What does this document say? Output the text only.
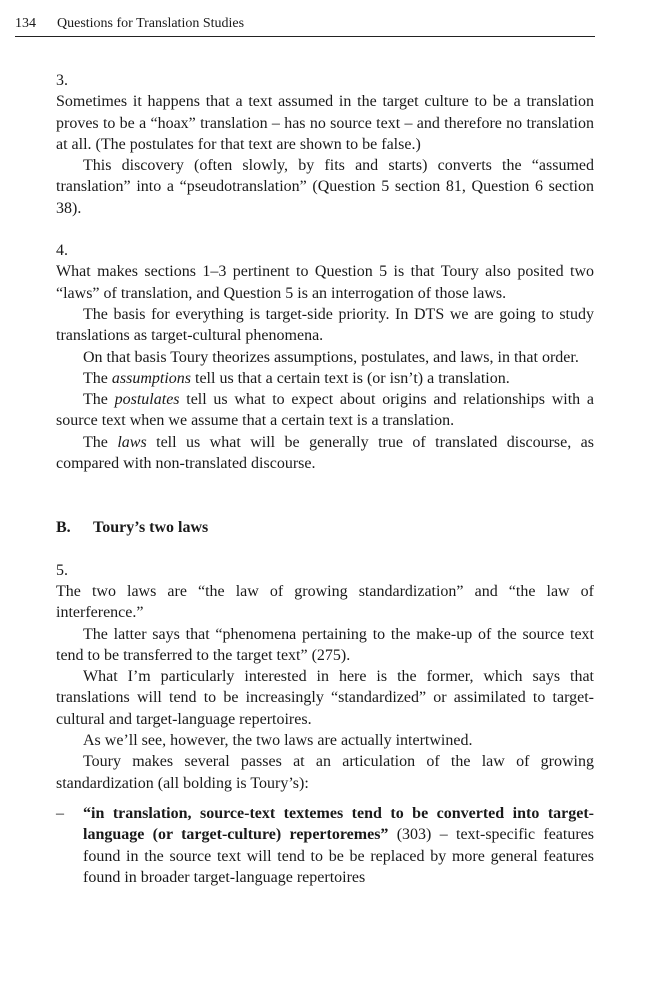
134 Questions for Translation Studies

3.

Sometimes it happens that a text assumed in the target culture to be a translation proves to be a “hoax” translation – has no source text – and therefore no translation at all. (The postulates for that text are shown to be false.)

This discovery (often slowly, by fits and starts) converts the “assumed translation” into a “pseudotranslation” (Question 5 section 81, Question 6 section 38).

4.

What makes sections 1–3 pertinent to Question 5 is that Toury also posited two “laws” of translation, and Question 5 is an interrogation of those laws.

The basis for everything is target-side priority. In DTS we are going to study translations as target-cultural phenomena.

On that basis Toury theorizes assumptions, postulates, and laws, in that order.

The assumptions tell us that a certain text is (or isn’t) a translation.

The postulates tell us what to expect about origins and relationships with a source text when we assume that a certain text is a translation.

The laws tell us what will be generally true of translated discourse, as compared with non-translated discourse.

B. Toury’s two laws

5.

The two laws are “the law of growing standardization” and “the law of interference.”

The latter says that “phenomena pertaining to the make-up of the source text tend to be transferred to the target text” (275).

What I’m particularly interested in here is the former, which says that translations will tend to be increasingly “standardized” or assimilated to target-cultural and target-language repertoires.

As we’ll see, however, the two laws are actually intertwined.

Toury makes several passes at an articulation of the law of growing standardization (all bolding is Toury’s):

– “in translation, source-text textemes tend to be converted into target-language (or target-culture) repertoremes” (303) – text-specific features found in the source text will tend to be be replaced by more general features found in broader target-language repertoires
